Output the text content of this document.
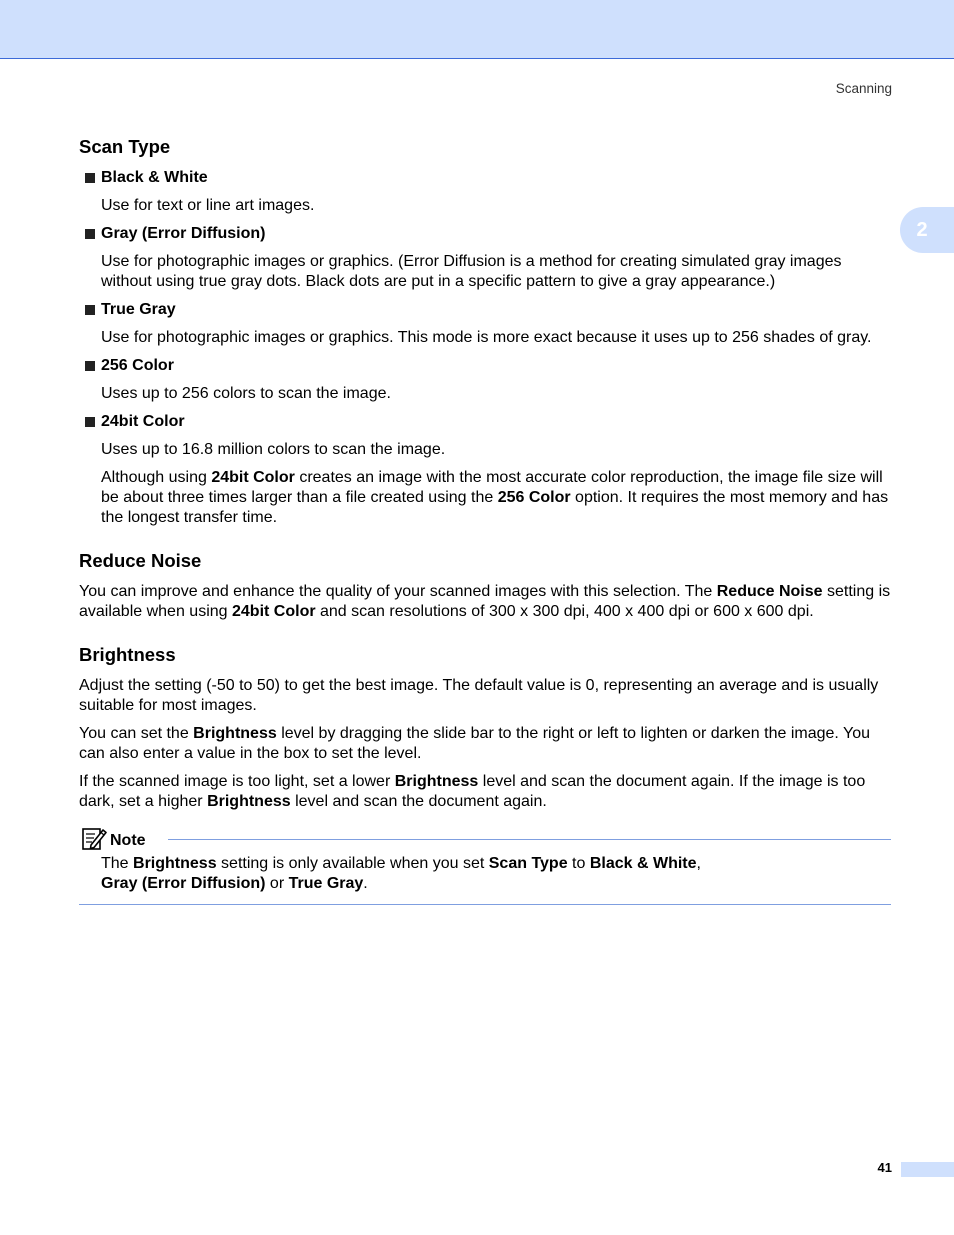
Scanning
2
Scan Type
Black & White
Use for text or line art images.
Gray (Error Diffusion)
Use for photographic images or graphics. (Error Diffusion is a method for creating simulated gray images without using true gray dots. Black dots are put in a specific pattern to give a gray appearance.)
True Gray
Use for photographic images or graphics. This mode is more exact because it uses up to 256 shades of gray.
256 Color
Uses up to 256 colors to scan the image.
24bit Color
Uses up to 16.8 million colors to scan the image.
Although using 24bit Color creates an image with the most accurate color reproduction, the image file size will be about three times larger than a file created using the 256 Color option. It requires the most memory and has the longest transfer time.
Reduce Noise

You can improve and enhance the quality of your scanned images with this selection. The Reduce Noise setting is available when using 24bit Color and scan resolutions of 300 x 300 dpi, 400 x 400 dpi or 600 x 600 dpi.

Brightness

Adjust the setting (-50 to 50) to get the best image. The default value is 0, representing an average and is usually suitable for most images.

You can set the Brightness level by dragging the slide bar to the right or left to lighten or darken the image. You can also enter a value in the box to set the level.

If the scanned image is too light, set a lower Brightness level and scan the document again. If the image is too dark, set a higher Brightness level and scan the document again.

Note
The Brightness setting is only available when you set Scan Type to Black & White,
Gray (Error Diffusion) or True Gray.
41
